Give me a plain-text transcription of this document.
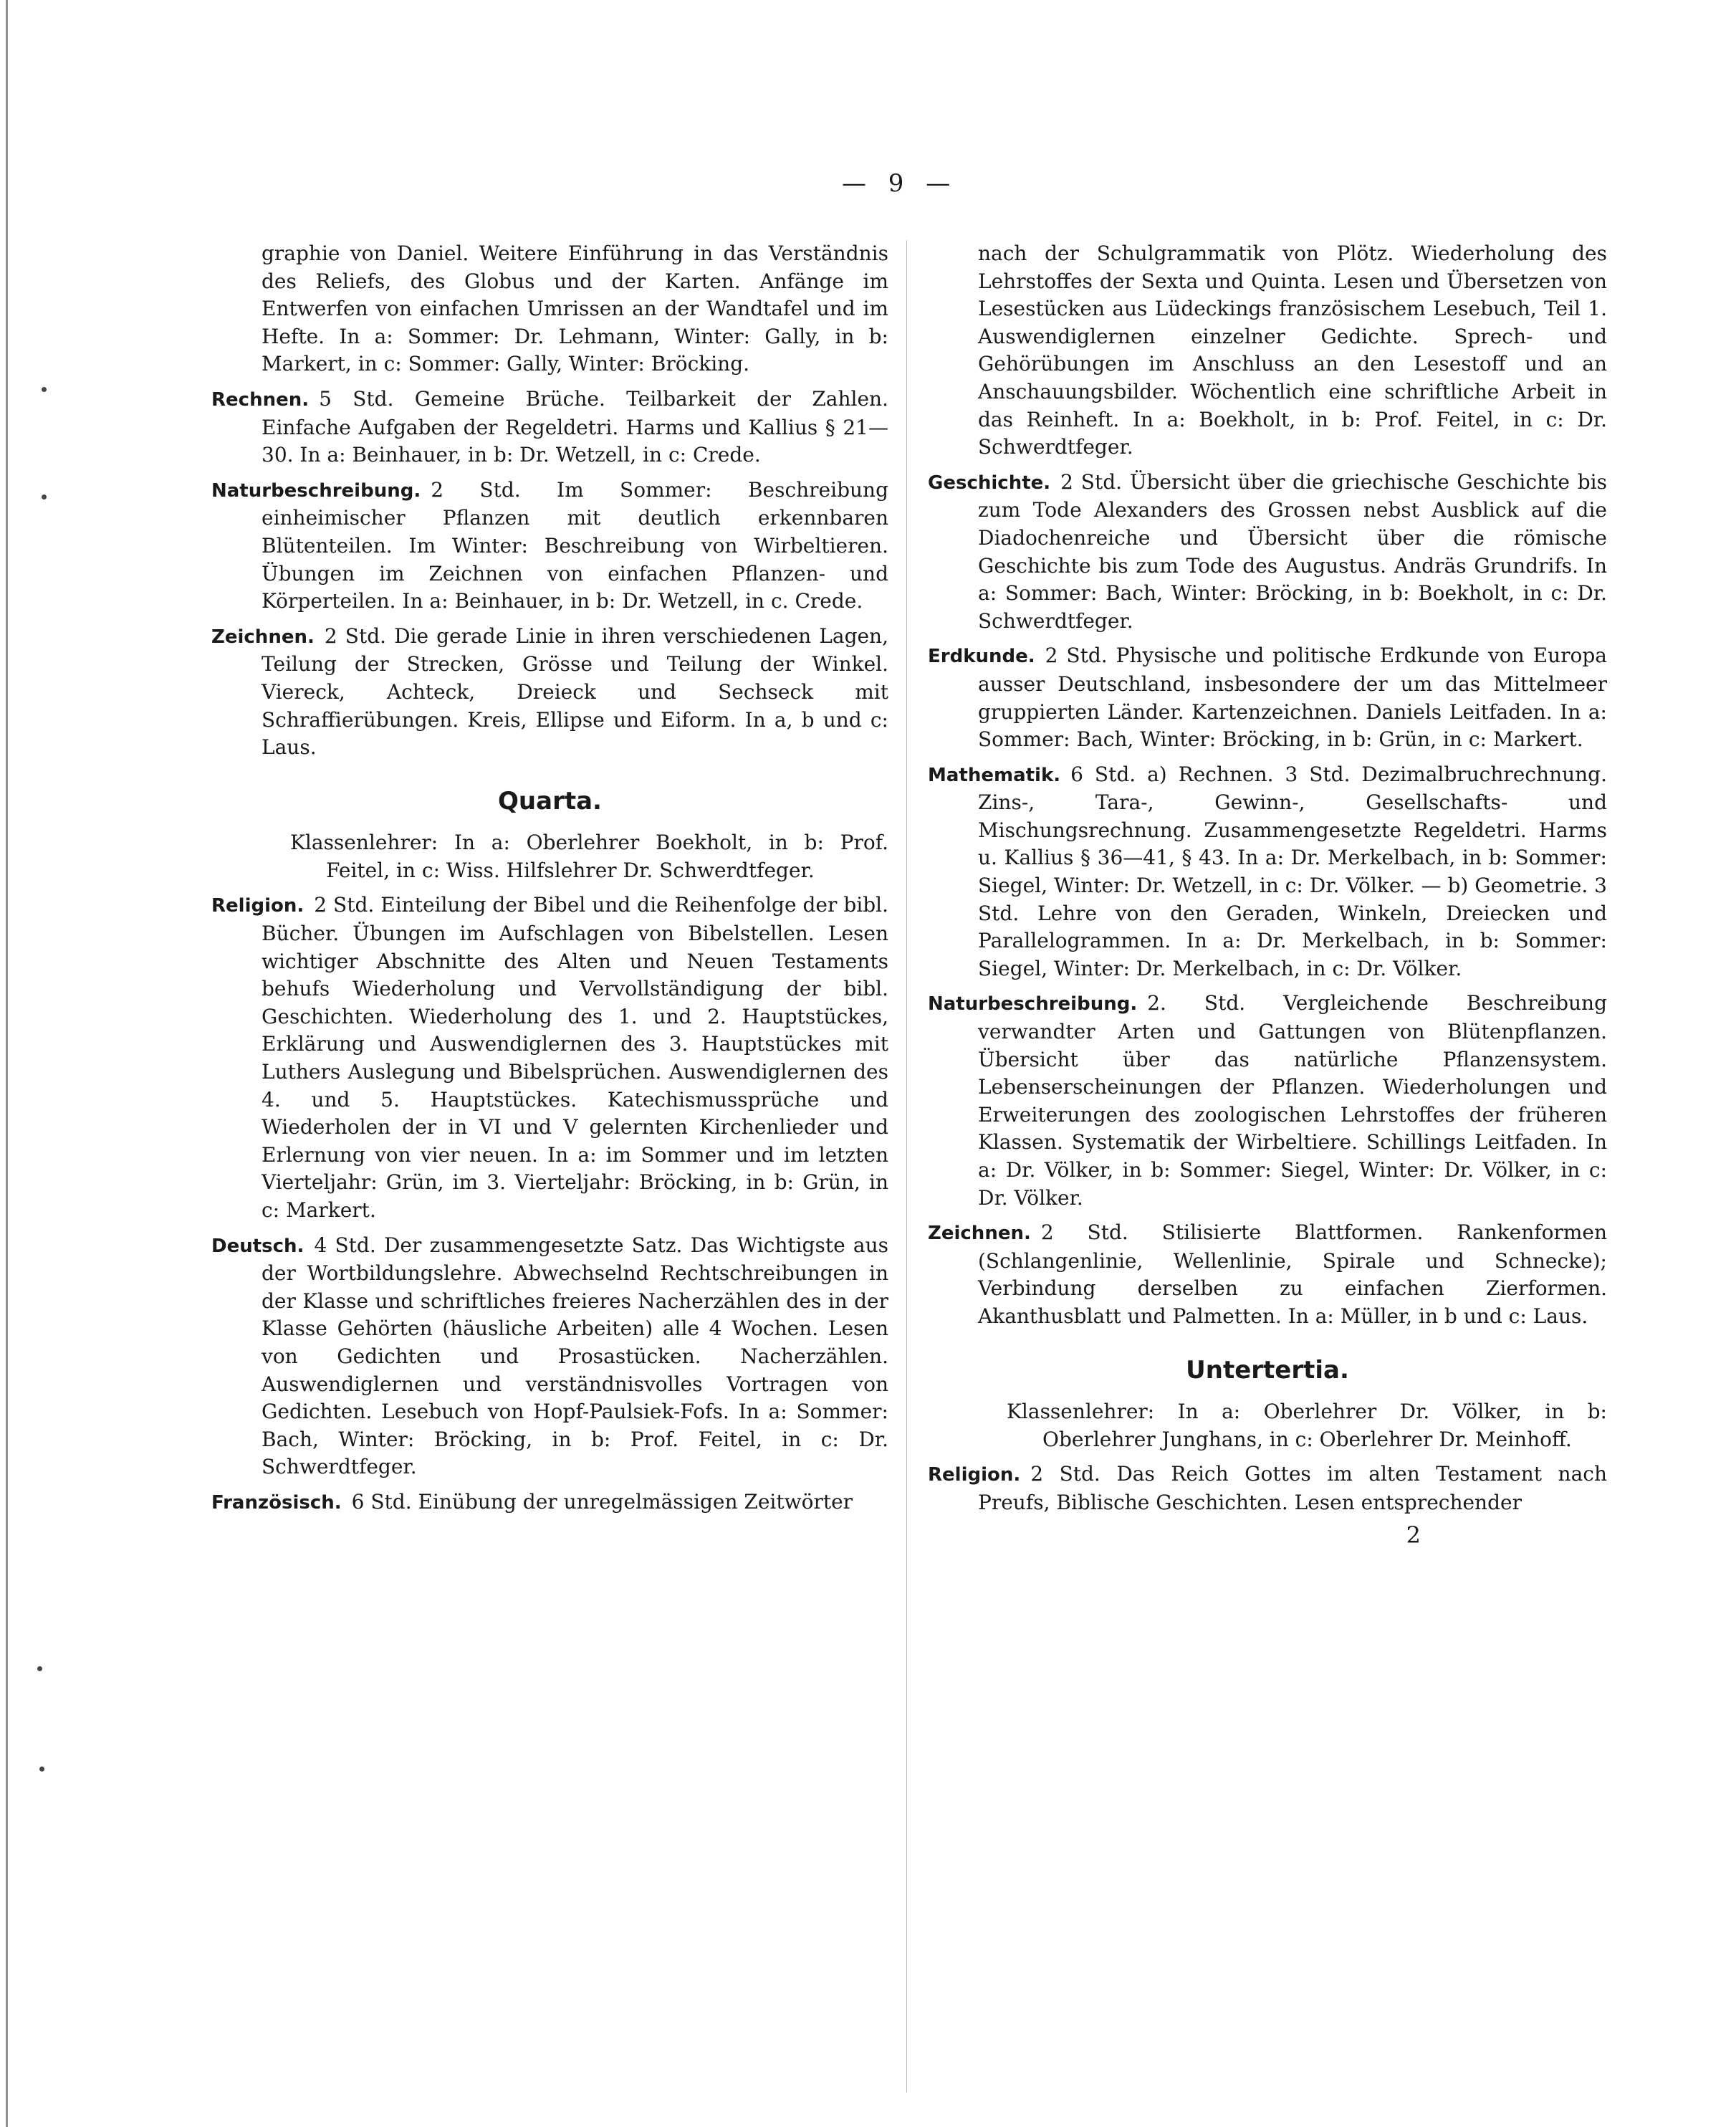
— 9 —
graphie von Daniel. Weitere Einführung in das Verständnis des Reliefs, des Globus und der Karten. Anfänge im Entwerfen von einfachen Umrissen an der Wandtafel und im Hefte. In a: Sommer: Dr. Lehmann, Winter: Gally, in b: Markert, in c: Sommer: Gally, Winter: Bröcking.
Rechnen. 5 Std. Gemeine Brüche. Teilbarkeit der Zahlen. Einfache Aufgaben der Regeldetri. Harms und Kallius § 21—30. In a: Beinhauer, in b: Dr. Wetzell, in c: Crede.
Naturbeschreibung. 2 Std. Im Sommer: Beschreibung einheimischer Pflanzen mit deutlich erkennbaren Blütenteilen. Im Winter: Beschreibung von Wirbeltieren. Übungen im Zeichnen von einfachen Pflanzen- und Körperteilen. In a: Beinhauer, in b: Dr. Wetzell, in c. Crede.
Zeichnen. 2 Std. Die gerade Linie in ihren verschiedenen Lagen, Teilung der Strecken, Grösse und Teilung der Winkel. Viereck, Achteck, Dreieck und Sechseck mit Schraffierübungen. Kreis, Ellipse und Eiform. In a, b und c: Laus.
Quarta.
Klassenlehrer: In a: Oberlehrer Boekholt, in b: Prof. Feitel, in c: Wiss. Hilfslehrer Dr. Schwerdtfeger.
Religion. 2 Std. Einteilung der Bibel und die Reihenfolge der bibl. Bücher. Übungen im Aufschlagen von Bibelstellen. Lesen wichtiger Abschnitte des Alten und Neuen Testaments behufs Wiederholung und Vervollständigung der bibl. Geschichten. Wiederholung des 1. und 2. Hauptstückes, Erklärung und Auswendiglernen des 3. Hauptstückes mit Luthers Auslegung und Bibelsprüchen. Auswendiglernen des 4. und 5. Hauptstückes. Katechismussprüche und Wiederholen der in VI und V gelernten Kirchenlieder und Erlernung von vier neuen. In a: im Sommer und im letzten Vierteljahr: Grün, im 3. Vierteljahr: Bröcking, in b: Grün, in c: Markert.
Deutsch. 4 Std. Der zusammengesetzte Satz. Das Wichtigste aus der Wortbildungslehre. Abwechselnd Rechtschreibungen in der Klasse und schriftliches freieres Nacherzählen des in der Klasse Gehörten (häusliche Arbeiten) alle 4 Wochen. Lesen von Gedichten und Prosastücken. Nacherzählen. Auswendiglernen und verständnisvolles Vortragen von Gedichten. Lesebuch von Hopf-Paulsiek-Fofs. In a: Sommer: Bach, Winter: Bröcking, in b: Prof. Feitel, in c: Dr. Schwerdtfeger.
Französisch. 6 Std. Einübung der unregelmässigen Zeitwörter
nach der Schulgrammatik von Plötz. Wiederholung des Lehrstoffes der Sexta und Quinta. Lesen und Übersetzen von Lesestücken aus Lüdeckings französischem Lesebuch, Teil 1. Auswendiglernen einzelner Gedichte. Sprech- und Gehörübungen im Anschluss an den Lesestoff und an Anschauungsbilder. Wöchentlich eine schriftliche Arbeit in das Reinheft. In a: Boekholt, in b: Prof. Feitel, in c: Dr. Schwerdtfeger.
Geschichte. 2 Std. Übersicht über die griechische Geschichte bis zum Tode Alexanders des Grossen nebst Ausblick auf die Diadochenreiche und Übersicht über die römische Geschichte bis zum Tode des Augustus. Andräs Grundrifs. In a: Sommer: Bach, Winter: Bröcking, in b: Boekholt, in c: Dr. Schwerdtfeger.
Erdkunde. 2 Std. Physische und politische Erdkunde von Europa ausser Deutschland, insbesondere der um das Mittelmeer gruppierten Länder. Kartenzeichnen. Daniels Leitfaden. In a: Sommer: Bach, Winter: Bröcking, in b: Grün, in c: Markert.
Mathematik. 6 Std. a) Rechnen. 3 Std. Dezimalbruchrechnung. Zins-, Tara-, Gewinn-, Gesellschafts- und Mischungsrechnung. Zusammengesetzte Regeldetri. Harms u. Kallius § 36—41, § 43. In a: Dr. Merkelbach, in b: Sommer: Siegel, Winter: Dr. Wetzell, in c: Dr. Völker. — b) Geometrie. 3 Std. Lehre von den Geraden, Winkeln, Dreiecken und Parallelogrammen. In a: Dr. Merkelbach, in b: Sommer: Siegel, Winter: Dr. Merkelbach, in c: Dr. Völker.
Naturbeschreibung. 2. Std. Vergleichende Beschreibung verwandter Arten und Gattungen von Blütenpflanzen. Übersicht über das natürliche Pflanzensystem. Lebenserscheinungen der Pflanzen. Wiederholungen und Erweiterungen des zoologischen Lehrstoffes der früheren Klassen. Systematik der Wirbeltiere. Schillings Leitfaden. In a: Dr. Völker, in b: Sommer: Siegel, Winter: Dr. Völker, in c: Dr. Völker.
Zeichnen. 2 Std. Stilisierte Blattformen. Rankenformen (Schlangenlinie, Wellenlinie, Spirale und Schnecke); Verbindung derselben zu einfachen Zierformen. Akanthusblatt und Palmetten. In a: Müller, in b und c: Laus.
Untertertia.
Klassenlehrer: In a: Oberlehrer Dr. Völker, in b: Oberlehrer Junghans, in c: Oberlehrer Dr. Meinhoff.
Religion. 2 Std. Das Reich Gottes im alten Testament nach Preufs, Biblische Geschichten. Lesen entsprechender
2
